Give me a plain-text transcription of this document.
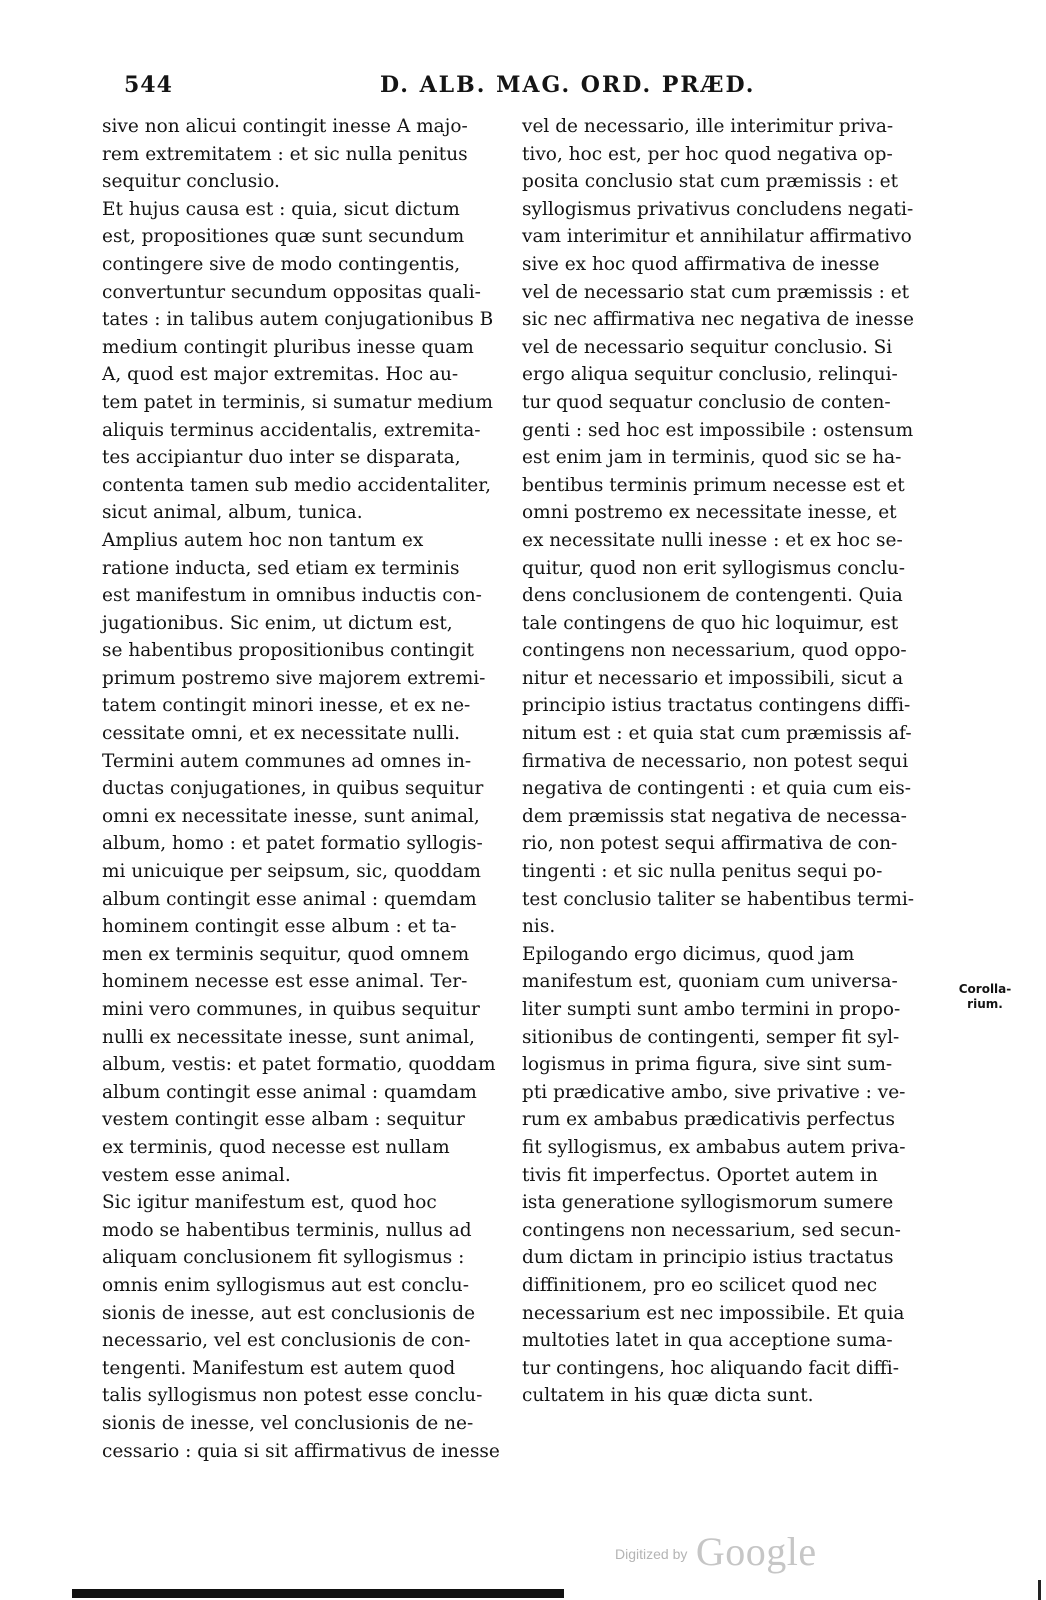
544	D. ALB. MAG. ORD. PRÆD.
sive non alicui contingit inesse A majo-
rem extremitatem : et sic nulla penitus
sequitur conclusio.
Et hujus causa est : quia, sicut dictum
est, propositiones quæ sunt secundum
contingere sive de modo contingentis,
convertuntur secundum oppositas quali-
tates : in talibus autem conjugationibus B
medium contingit pluribus inesse quam
A, quod est major extremitas. Hoc au-
tem patet in terminis, si sumatur medium
aliquis terminus accidentalis, extremita-
tes accipiantur duo inter se disparata,
contenta tamen sub medio accidentaliter,
sicut animal, album, tunica.
Amplius autem hoc non tantum ex
ratione inducta, sed etiam ex terminis
est manifestum in omnibus inductis con-
jugationibus. Sic enim, ut dictum est,
se habentibus propositionibus contingit
primum postremo sive majorem extremi-
tatem contingit minori inesse, et ex ne-
cessitate omni, et ex necessitate nulli.
Termini autem communes ad omnes in-
ductas conjugationes, in quibus sequitur
omni ex necessitate inesse, sunt animal,
album, homo : et patet formatio syllogis-
mi unicuique per seipsum, sic, quoddam
album contingit esse animal : quemdam
hominem contingit esse album : et ta-
men ex terminis sequitur, quod omnem
hominem necesse est esse animal. Ter-
mini vero communes, in quibus sequitur
nulli ex necessitate inesse, sunt animal,
album, vestis: et patet formatio, quoddam
album contingit esse animal : quamdam
vestem contingit esse albam : sequitur
ex terminis, quod necesse est nullam
vestem esse animal.
Sic igitur manifestum est, quod hoc
modo se habentibus terminis, nullus ad
aliquam conclusionem fit syllogismus :
omnis enim syllogismus aut est conclu-
sionis de inesse, aut est conclusionis de
necessario, vel est conclusionis de con-
tengenti. Manifestum est autem quod
talis syllogismus non potest esse conclu-
sionis de inesse, vel conclusionis de ne-
cessario : quia si sit affirmativus de inesse
vel de necessario, ille interimitur priva-
tivo, hoc est, per hoc quod negativa op-
posita conclusio stat cum præmissis : et
syllogismus privativus concludens negati-
vam interimitur et annihilatur affirmativo
sive ex hoc quod affirmativa de inesse
vel de necessario stat cum præmissis : et
sic nec affirmativa nec negativa de inesse
vel de necessario sequitur conclusio. Si
ergo aliqua sequitur conclusio, relinqui-
tur quod sequatur conclusio de conten-
genti : sed hoc est impossibile : ostensum
est enim jam in terminis, quod sic se ha-
bentibus terminis primum necesse est et
omni postremo ex necessitate inesse, et
ex necessitate nulli inesse : et ex hoc se-
quitur, quod non erit syllogismus conclu-
dens conclusionem de contengenti. Quia
tale contingens de quo hic loquimur, est
contingens non necessarium, quod oppo-
nitur et necessario et impossibili, sicut a
principio istius tractatus contingens diffi-
nitum est : et quia stat cum præmissis af-
firmativa de necessario, non potest sequi
negativa de contingenti : et quia cum eis-
dem præmissis stat negativa de necessa-
rio, non potest sequi affirmativa de con-
tingenti : et sic nulla penitus sequi po-
test conclusio taliter se habentibus termi-
nis.
Epilogando ergo dicimus, quod jam
manifestum est, quoniam cum universa-
liter sumpti sunt ambo termini in propo-
sitionibus de contingenti, semper fit syl-
logismus in prima figura, sive sint sum-
pti prædicative ambo, sive privative : ve-
rum ex ambabus prædicativis perfectus
fit syllogismus, ex ambabus autem priva-
tivis fit imperfectus. Oportet autem in
ista generatione syllogismorum sumere
contingens non necessarium, sed secun-
dum dictam in principio istius tractatus
diffinitionem, pro eo scilicet quod nec
necessarium est nec impossibile. Et quia
multoties latet in qua acceptione suma-
tur contingens, hoc aliquando facit diffi-
cultatem in his quæ dicta sunt.
Corolla-
rium.
Digitized by Google
